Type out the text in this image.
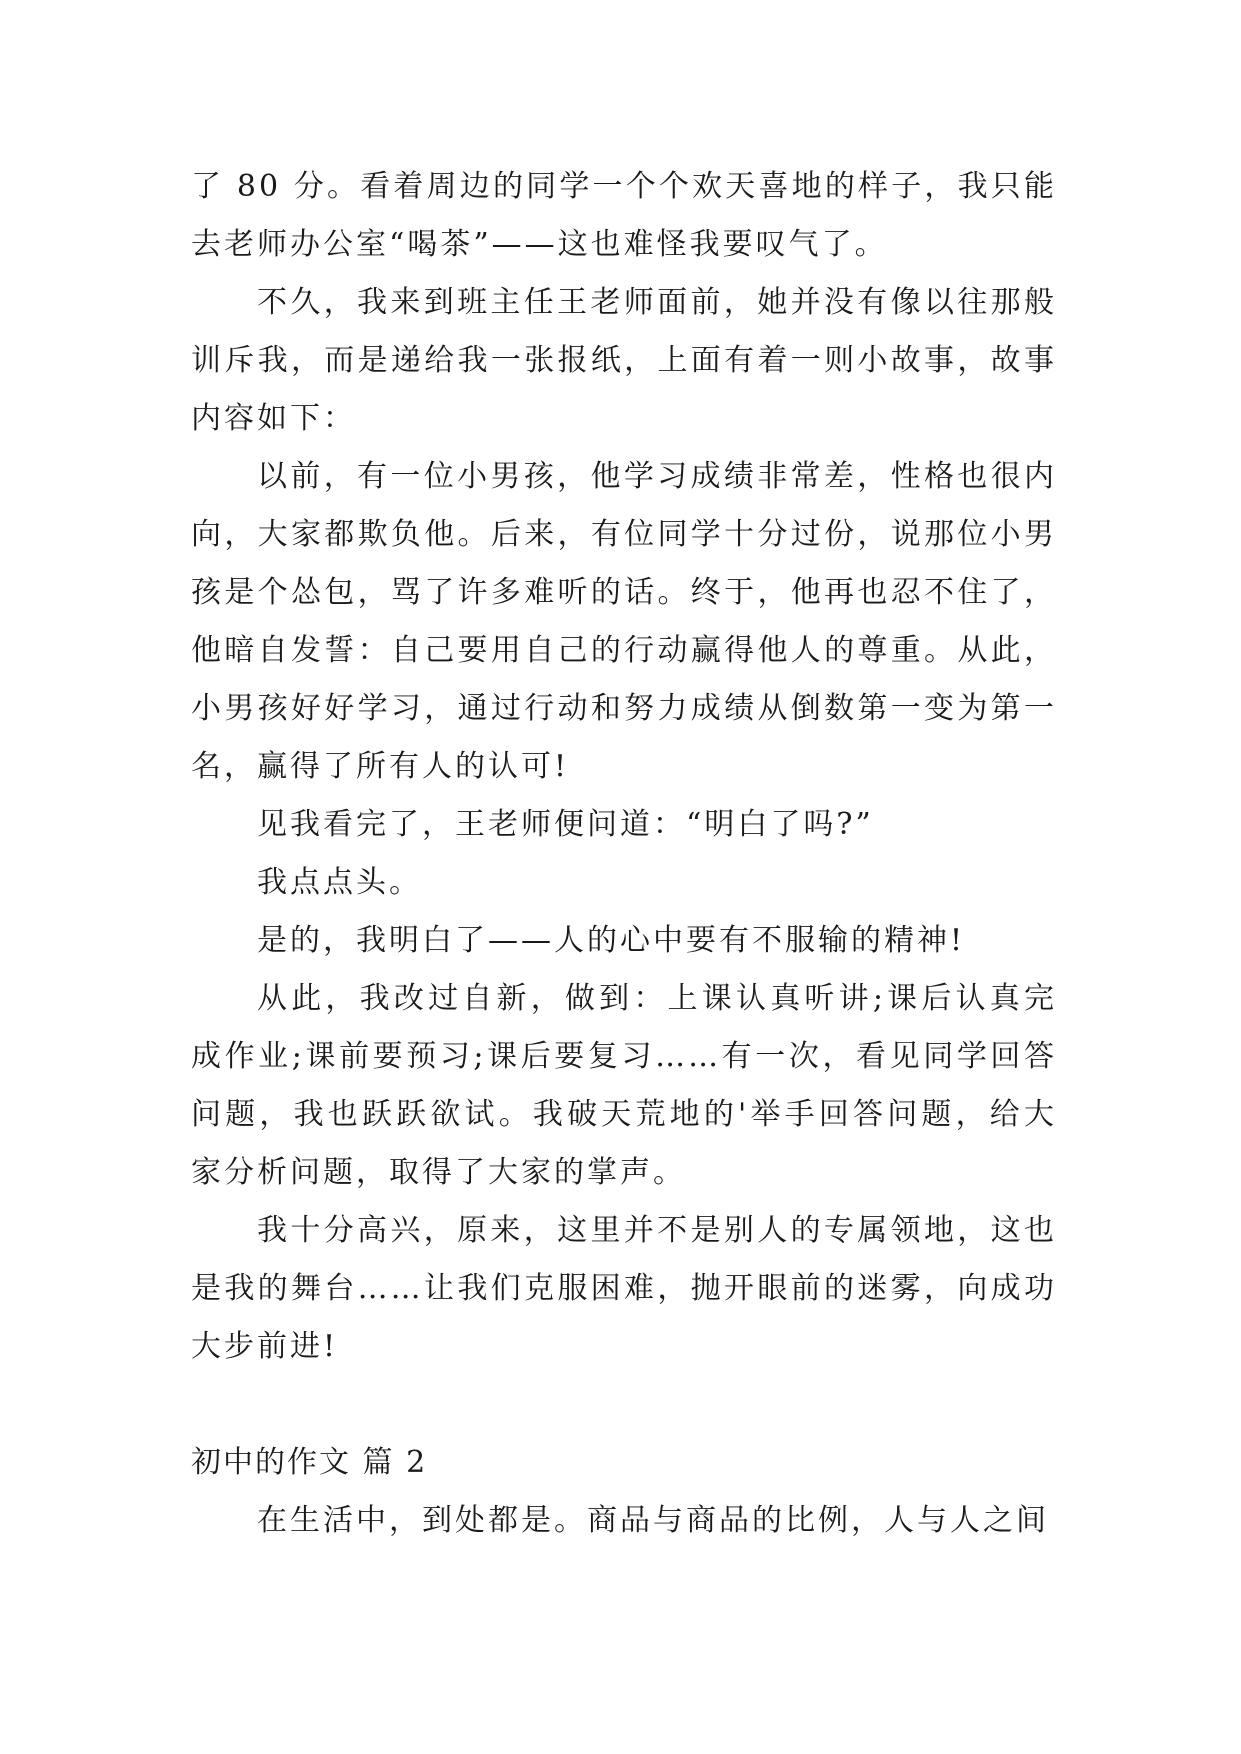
了 80 分。看着周边的同学一个个欢天喜地的样子，我只能去老师办公室“喝茶”——这也难怪我要叹气了。

不久，我来到班主任王老师面前，她并没有像以往那般训斥我，而是递给我一张报纸，上面有着一则小故事，故事内容如下：

以前，有一位小男孩，他学习成绩非常差，性格也很内向，大家都欺负他。后来，有位同学十分过份，说那位小男孩是个怂包，骂了许多难听的话。终于，他再也忍不住了，他暗自发誓：自己要用自己的行动赢得他人的尊重。从此，小男孩好好学习，通过行动和努力成绩从倒数第一变为第一名，赢得了所有人的认可!

见我看完了，王老师便问道：“明白了吗?”

我点点头。

是的，我明白了——人的心中要有不服输的精神!

从此，我改过自新，做到：上课认真听讲;课后认真完成作业;课前要预习;课后要复习……有一次，看见同学回答问题，我也跃跃欲试。我破天荒地的'举手回答问题，给大家分析问题，取得了大家的掌声。

我十分高兴，原来，这里并不是别人的专属领地，这也是我的舞台……让我们克服困难，抛开眼前的迷雾，向成功大步前进!

初中的作文 篇 2

在生活中，到处都是。商品与商品的比例，人与人之间
